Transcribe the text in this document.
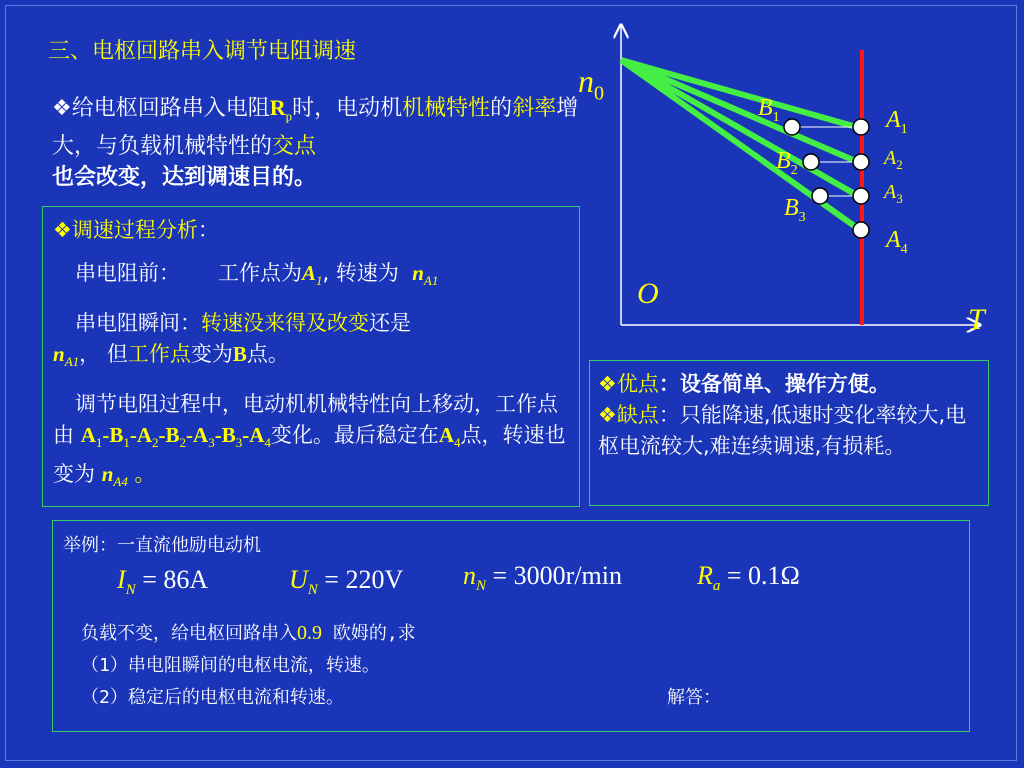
三、电枢回路串入调节电阻调速
❖给电枢回路串入电阻$R_p$时，电动机机械特性的斜率增大，与负载机械特性的交点
也会改变，达到调速目的。

❖调速过程分析：

串电阻前： 工作点为$A_1$, 转速为 $n_{A1}$

串电阻瞬间：转速没来得及改变还是

$n_{A1}$， 但工作点变为B点。

调节电阻过程中，电动机机械特性向上移动，工作点由 $A_1-B_1-A_2-B_2-A_3-B_3-A_4$变化。最后稳定在$A_4$点，转速也变为 $n_{A4}$ 。

❖优点：设备简单、操作方便。
❖缺点：只能降速,低速时变化率较大,电枢电流较大,难连续调速,有损耗。
$n_0$
O
T
$A_1$
$A_2$
$A_3$
$A_4$
$B_1$
$B_2$
$B_3$
举例：一直流他励电动机
$I_N = 86A$	$U_N = 220V$ $n_N = 3000r/\min$	$R_a = 0.1\Omega$
负载不变，给电枢回路串入0.9 欧姆的,求
（1）串电阻瞬间的电枢电流，转速。
（2）稳定后的电枢电流和转速。	解答：
